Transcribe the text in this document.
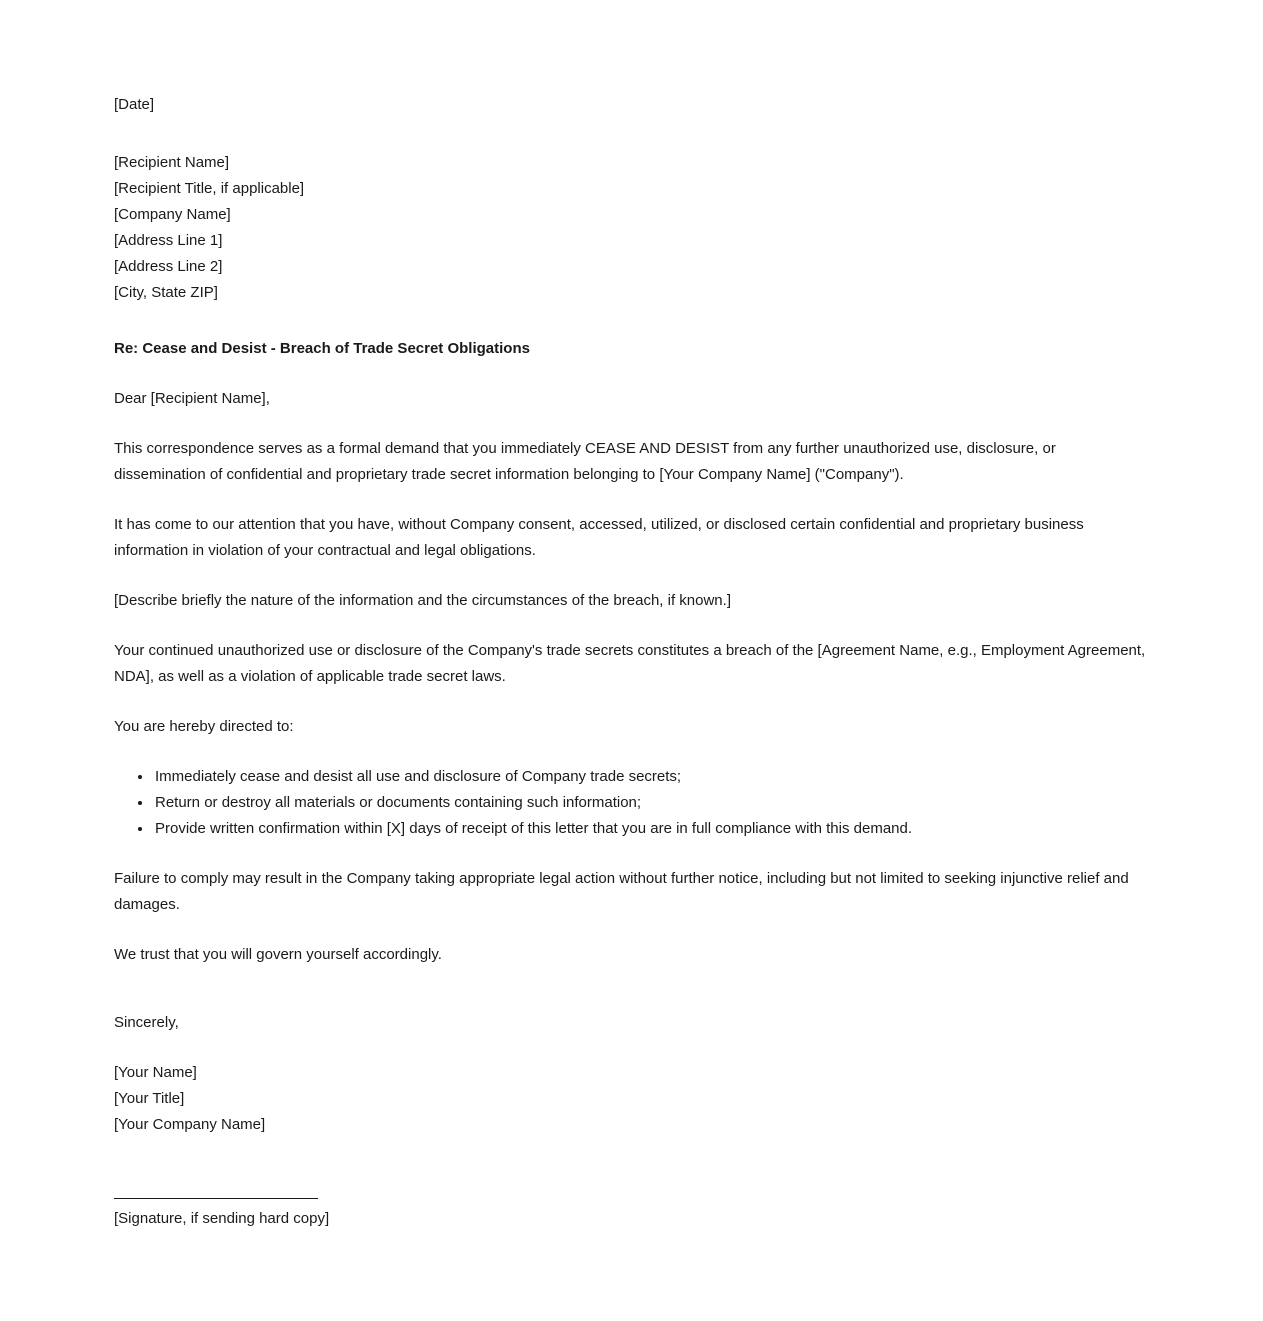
[Date]
[Recipient Name]
[Recipient Title, if applicable]
[Company Name]
[Address Line 1]
[Address Line 2]
[City, State ZIP]
Re: Cease and Desist - Breach of Trade Secret Obligations
Dear [Recipient Name],

This correspondence serves as a formal demand that you immediately CEASE AND DESIST from any further unauthorized use, disclosure, or dissemination of confidential and proprietary trade secret information belonging to [Your Company Name] ("Company").

It has come to our attention that you have, without Company consent, accessed, utilized, or disclosed certain confidential and proprietary business information in violation of your contractual and legal obligations.

[Describe briefly the nature of the information and the circumstances of the breach, if known.]

Your continued unauthorized use or disclosure of the Company's trade secrets constitutes a breach of the [Agreement Name, e.g., Employment Agreement, NDA], as well as a violation of applicable trade secret laws.

You are hereby directed to:

• Immediately cease and desist all use and disclosure of Company trade secrets;
• Return or destroy all materials or documents containing such information;
• Provide written confirmation within [X] days of receipt of this letter that you are in full compliance with this demand.

Failure to comply may result in the Company taking appropriate legal action without further notice, including but not limited to seeking injunctive relief and damages.

We trust that you will govern yourself accordingly.

Sincerely,

[Your Name]
[Your Title]
[Your Company Name]
[Signature, if sending hard copy]
